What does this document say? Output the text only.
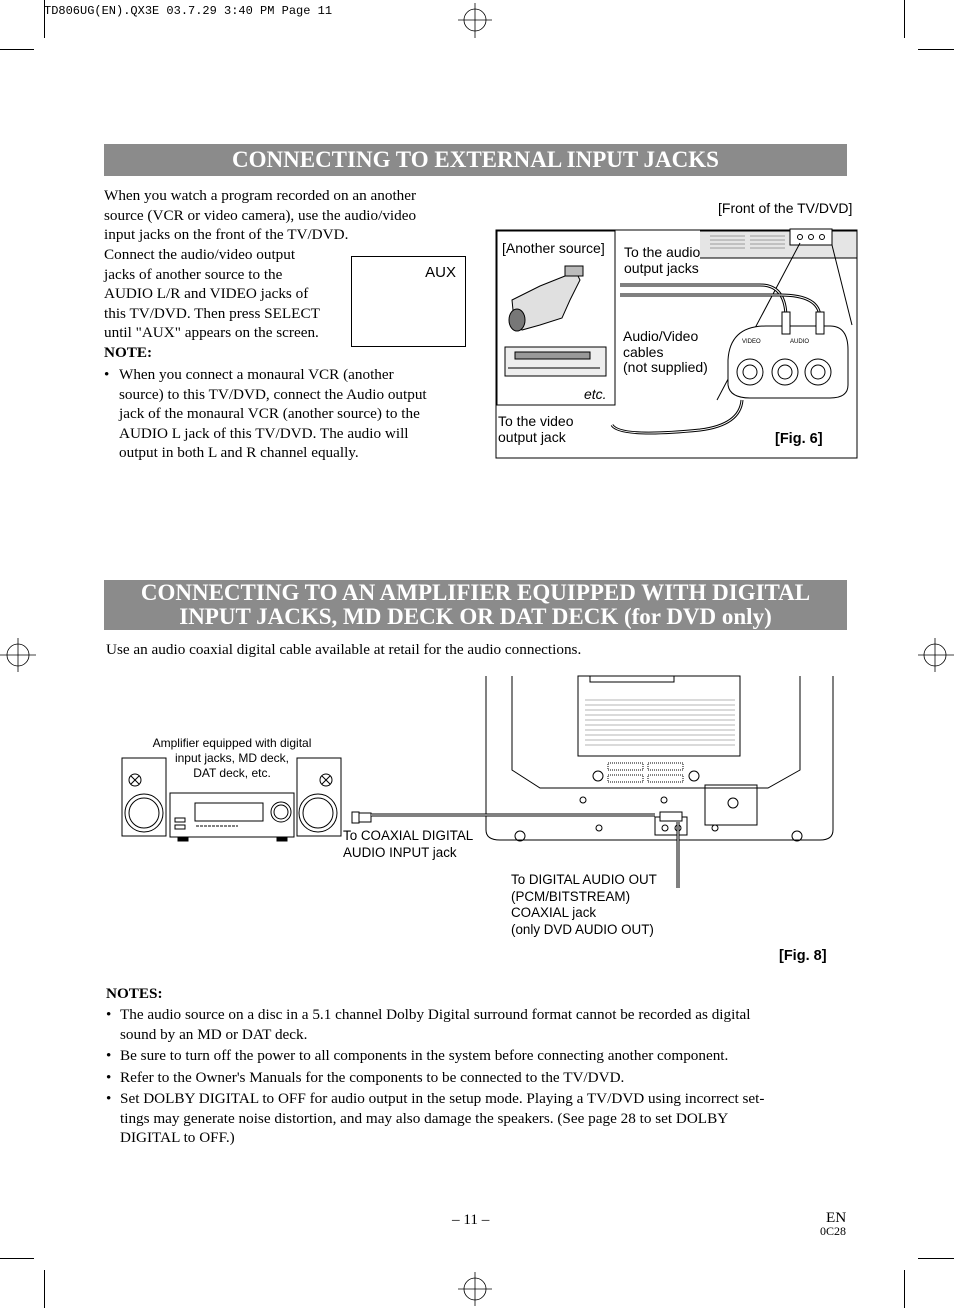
TD806UG(EN).QX3E 03.7.29 3:40 PM Page 11
CONNECTING TO EXTERNAL INPUT JACKS
When you watch a program recorded on an another
source (VCR or video camera), use the audio/video
input jacks on the front of the TV/DVD.
Connect the audio/video output
jacks of another source to the
AUDIO L/R and VIDEO jacks of
this TV/DVD. Then press SELECT
until "AUX" appears on the screen.
AUX
NOTE:
• When you connect a monaural VCR (another
source) to this TV/DVD, connect the Audio output
jack of the monaural VCR (another source) to the
AUDIO L jack of this TV/DVD. The audio will
output in both L and R channel equally.
[Front of the TV/DVD]
[Another source] To the audio
output jacks
Audio/Video
cables
(not supplied)
etc.
To the video
output jack
VIDEO	AUDIO
[Fig. 6]
CONNECTING TO AN AMPLIFIER EQUIPPED WITH DIGITAL
INPUT JACKS, MD DECK OR DAT DECK (for DVD only)
Use an audio coaxial digital cable available at retail for the audio connections.
Amplifier equipped with digital
input jacks, MD deck,
DAT deck, etc.
To COAXIAL DIGITAL
AUDIO INPUT jack
To DIGITAL AUDIO OUT
(PCM/BITSTREAM)
COAXIAL jack
(only DVD AUDIO OUT)
[Fig. 8]
NOTES:
• The audio source on a disc in a 5.1 channel Dolby Digital surround format cannot be recorded as digital
sound by an MD or DAT deck.
• Be sure to turn off the power to all components in the system before connecting another component.
• Refer to the Owner's Manuals for the components to be connected to the TV/DVD.
• Set DOLBY DIGITAL to OFF for audio output in the setup mode. Playing a TV/DVD using incorrect set-
tings may generate noise distortion, and may also damage the speakers. (See page 28 to set DOLBY
DIGITAL to OFF.)
– 11 –	EN
0C28
